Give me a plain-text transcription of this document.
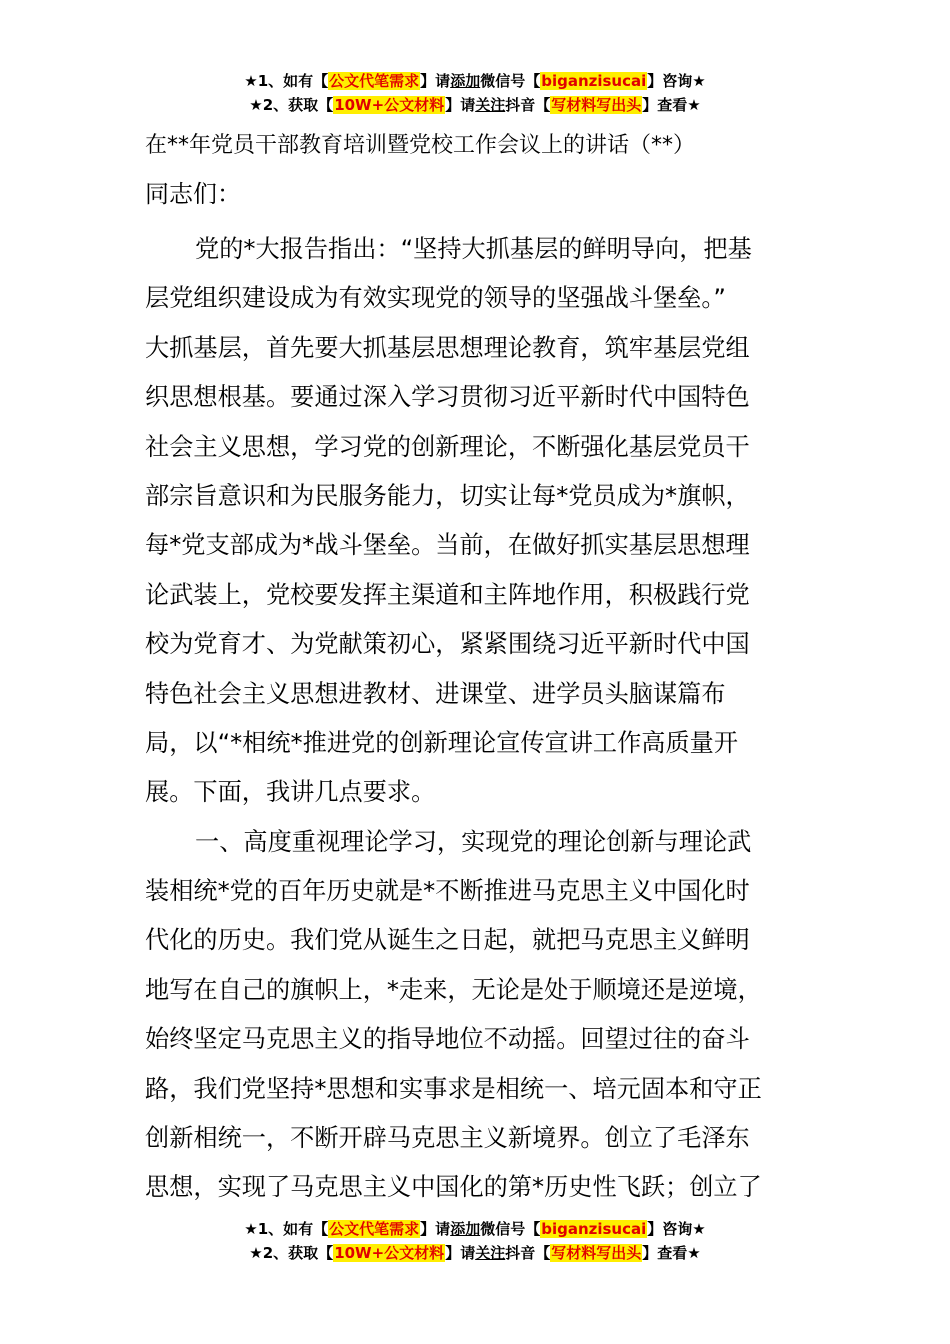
★1、如有【公文代笔需求】请添加微信号【biganzisucai】咨询★
★2、获取【10W+公文材料】请关注抖音【写材料写出头】查看★
在**年党员干部教育培训暨党校工作会议上的讲话（**）
同志们：
党的*大报告指出：“坚持大抓基层的鲜明导向，把基
层党组织建设成为有效实现党的领导的坚强战斗堡垒。”
大抓基层，首先要大抓基层思想理论教育，筑牢基层党组
织思想根基。要通过深入学习贯彻习近平新时代中国特色
社会主义思想，学习党的创新理论，不断强化基层党员干
部宗旨意识和为民服务能力，切实让每*党员成为*旗帜，
每*党支部成为*战斗堡垒。当前，在做好抓实基层思想理
论武装上，党校要发挥主渠道和主阵地作用，积极践行党
校为党育才、为党献策初心，紧紧围绕习近平新时代中国
特色社会主义思想进教材、进课堂、进学员头脑谋篇布
局，以“*相统*推进党的创新理论宣传宣讲工作高质量开
展。下面，我讲几点要求。
一、高度重视理论学习，实现党的理论创新与理论武
装相统*党的百年历史就是*不断推进马克思主义中国化时
代化的历史。我们党从诞生之日起，就把马克思主义鲜明
地写在自己的旗帜上，*走来，无论是处于顺境还是逆境，
始终坚定马克思主义的指导地位不动摇。回望过往的奋斗
路，我们党坚持*思想和实事求是相统一、培元固本和守正
创新相统一，不断开辟马克思主义新境界。创立了毛泽东
思想，实现了马克思主义中国化的第*历史性飞跃；创立了
★1、如有【公文代笔需求】请添加微信号【biganzisucai】咨询★
★2、获取【10W+公文材料】请关注抖音【写材料写出头】查看★
